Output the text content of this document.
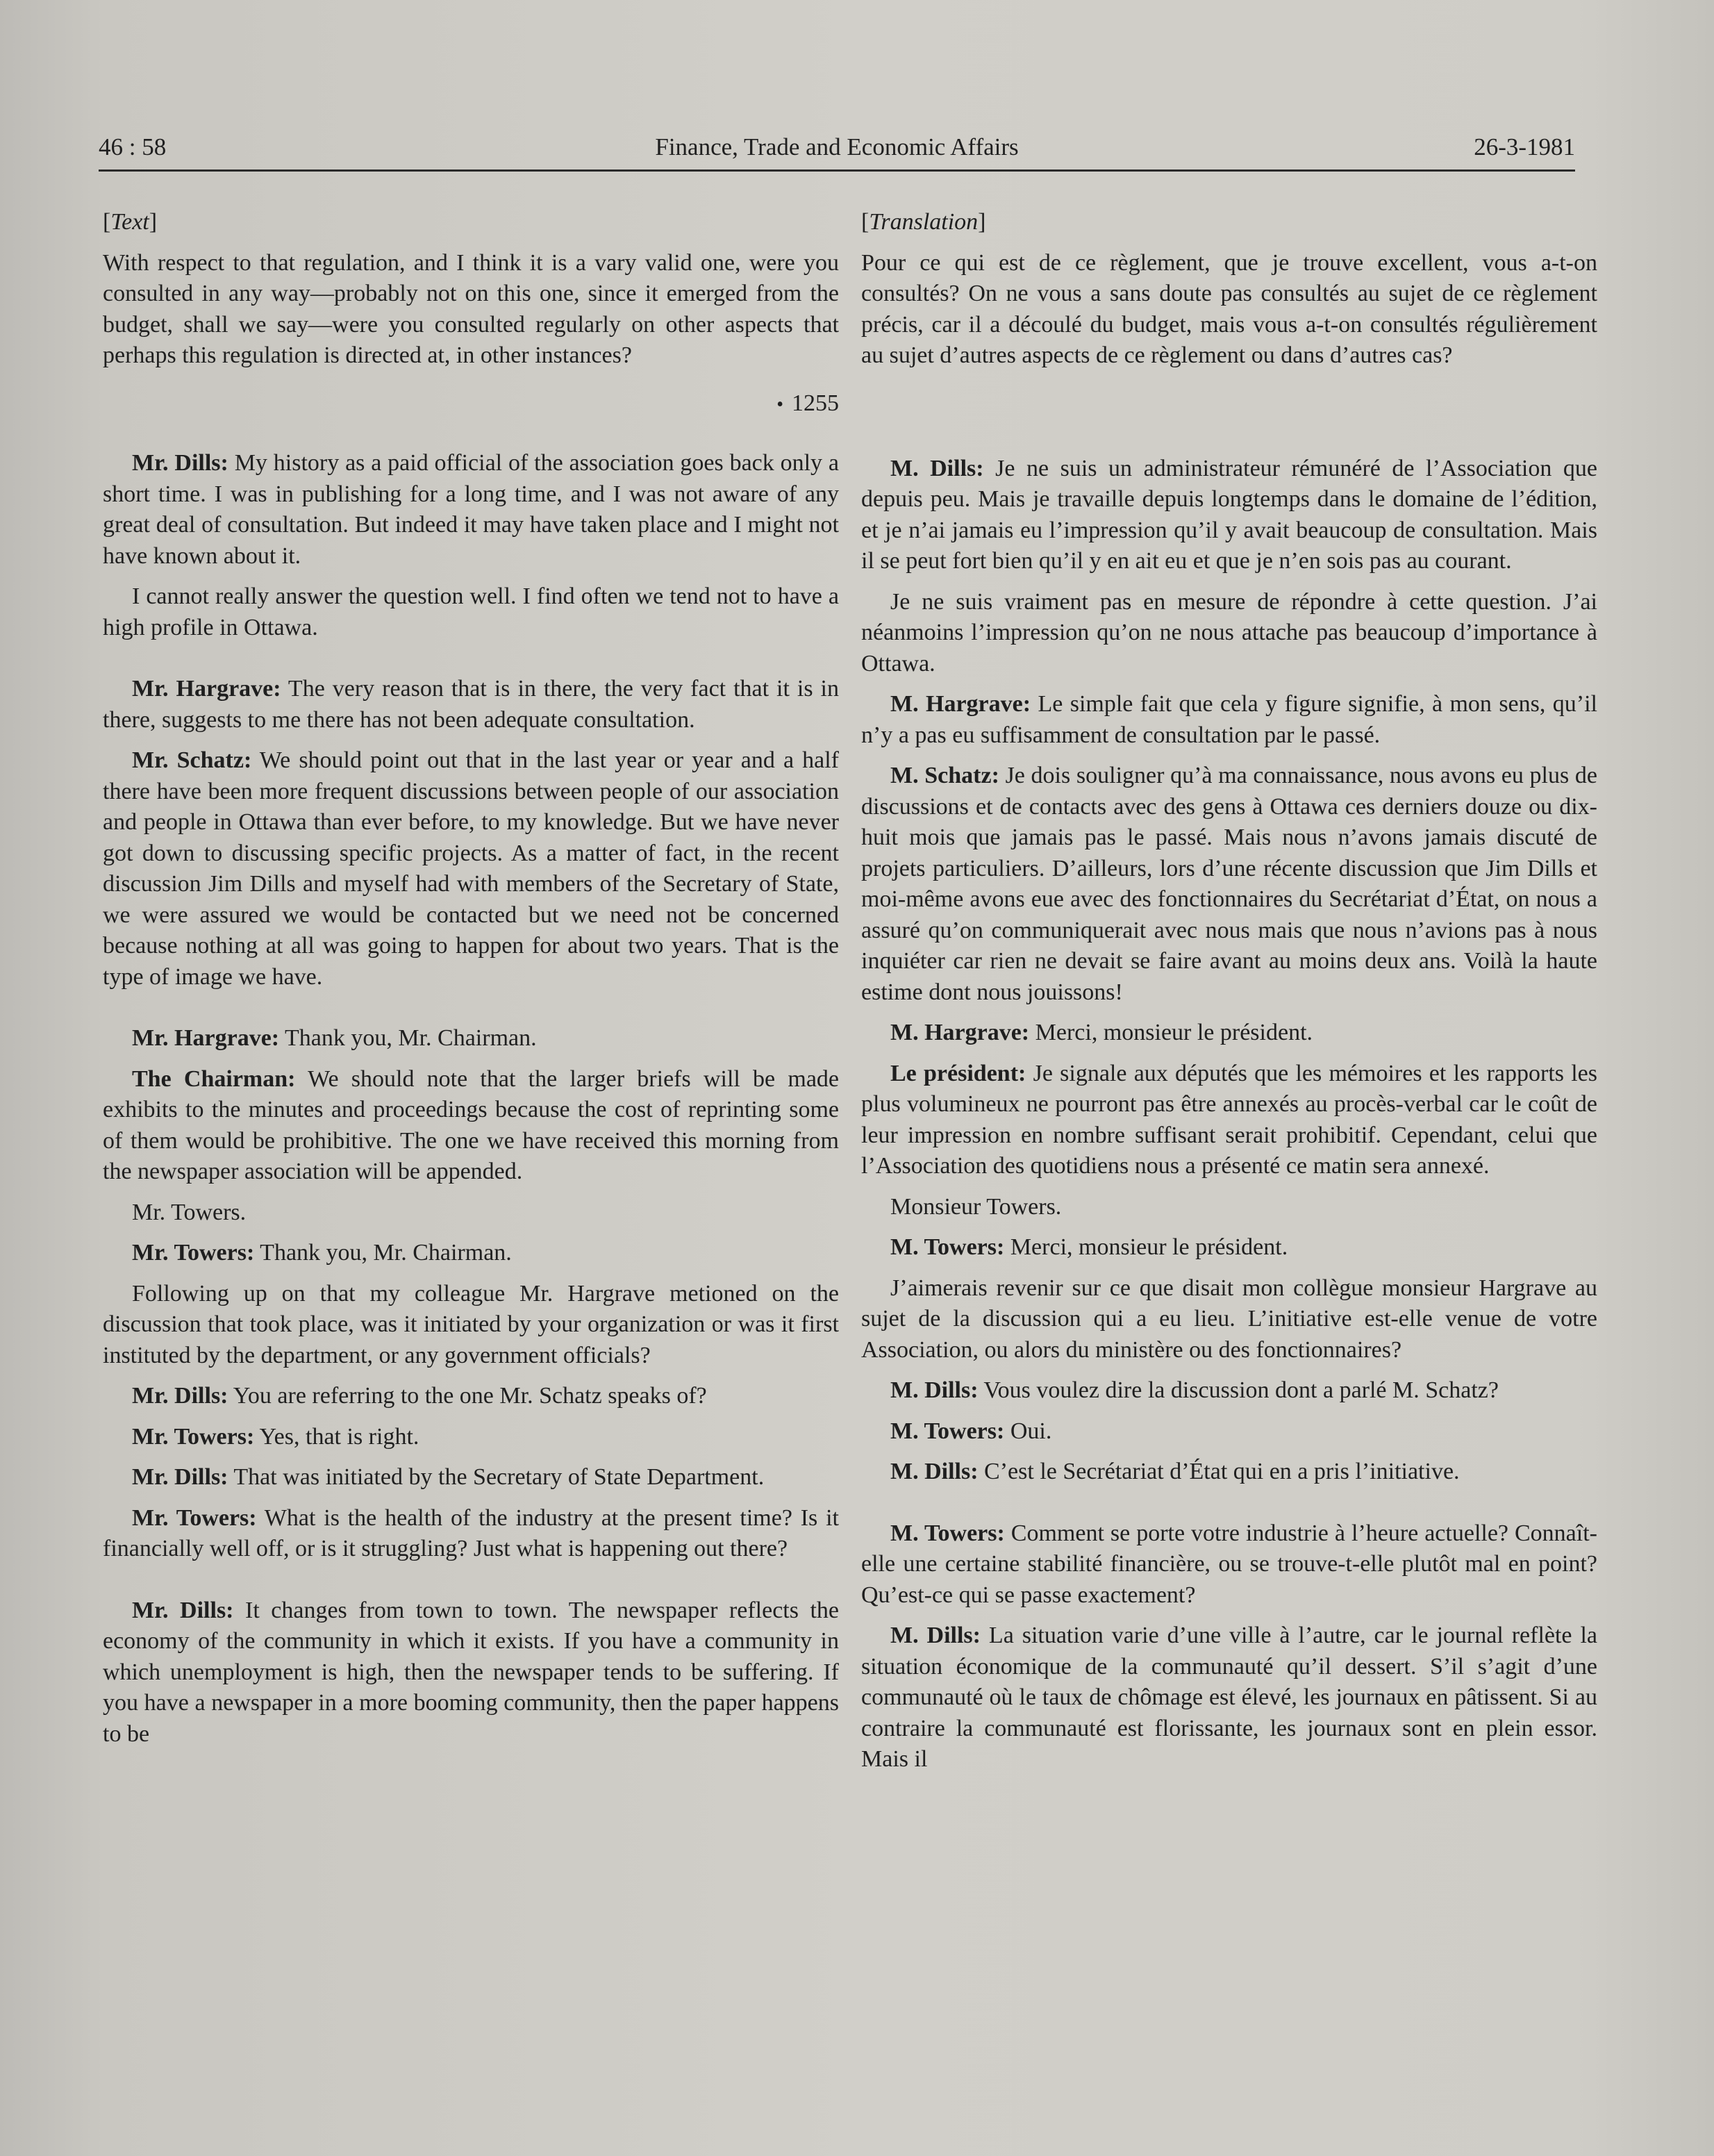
46 : 58	Finance, Trade and Economic Affairs	26-3-1981

[Text]

With respect to that regulation, and I think it is a vary valid one, were you consulted in any way—probably not on this one, since it emerged from the budget, shall we say—were you consulted regularly on other aspects that perhaps this regulation is directed at, in other instances?

• 1255

Mr. Dills: My history as a paid official of the association goes back only a short time. I was in publishing for a long time, and I was not aware of any great deal of consultation. But indeed it may have taken place and I might not have known about it.

I cannot really answer the question well. I find often we tend not to have a high profile in Ottawa.

Mr. Hargrave: The very reason that is in there, the very fact that it is in there, suggests to me there has not been adequate consultation.

Mr. Schatz: We should point out that in the last year or year and a half there have been more frequent discussions between people of our association and people in Ottawa than ever before, to my knowledge. But we have never got down to discussing specific projects. As a matter of fact, in the recent discussion Jim Dills and myself had with members of the Secretary of State, we were assured we would be contacted but we need not be concerned because nothing at all was going to happen for about two years. That is the type of image we have.

Mr. Hargrave: Thank you, Mr. Chairman.

The Chairman: We should note that the larger briefs will be made exhibits to the minutes and proceedings because the cost of reprinting some of them would be prohibitive. The one we have received this morning from the newspaper association will be appended.

Mr. Towers.

Mr. Towers: Thank you, Mr. Chairman.

Following up on that my colleague Mr. Hargrave metioned on the discussion that took place, was it initiated by your organization or was it first instituted by the department, or any government officials?

Mr. Dills: You are referring to the one Mr. Schatz speaks of?

Mr. Towers: Yes, that is right.

Mr. Dills: That was initiated by the Secretary of State Department.

Mr. Towers: What is the health of the industry at the present time? Is it financially well off, or is it struggling? Just what is happening out there?

Mr. Dills: It changes from town to town. The newspaper reflects the economy of the community in which it exists. If you have a community in which unemployment is high, then the newspaper tends to be suffering. If you have a newspaper in a more booming community, then the paper happens to be

[Translation]

Pour ce qui est de ce règlement, que je trouve excellent, vous a-t-on consultés? On ne vous a sans doute pas consultés au sujet de ce règlement précis, car il a découlé du budget, mais vous a-t-on consultés régulièrement au sujet d’autres aspects de ce règlement ou dans d’autres cas?

M. Dills: Je ne suis un administrateur rémunéré de l’Association que depuis peu. Mais je travaille depuis longtemps dans le domaine de l’édition, et je n’ai jamais eu l’impression qu’il y avait beaucoup de consultation. Mais il se peut fort bien qu’il y en ait eu et que je n’en sois pas au courant.

Je ne suis vraiment pas en mesure de répondre à cette question. J’ai néanmoins l’impression qu’on ne nous attache pas beaucoup d’importance à Ottawa.

M. Hargrave: Le simple fait que cela y figure signifie, à mon sens, qu’il n’y a pas eu suffisamment de consultation par le passé.

M. Schatz: Je dois souligner qu’à ma connaissance, nous avons eu plus de discussions et de contacts avec des gens à Ottawa ces derniers douze ou dix-huit mois que jamais pas le passé. Mais nous n’avons jamais discuté de projets particuliers. D’ailleurs, lors d’une récente discussion que Jim Dills et moi-même avons eue avec des fonctionnaires du Secrétariat d’État, on nous a assuré qu’on communiquerait avec nous mais que nous n’avions pas à nous inquiéter car rien ne devait se faire avant au moins deux ans. Voilà la haute estime dont nous jouissons!

M. Hargrave: Merci, monsieur le président.

Le président: Je signale aux députés que les mémoires et les rapports les plus volumineux ne pourront pas être annexés au procès-verbal car le coût de leur impression en nombre suffisant serait prohibitif. Cependant, celui que l’Association des quotidiens nous a présenté ce matin sera annexé.

Monsieur Towers.

M. Towers: Merci, monsieur le président.

J’aimerais revenir sur ce que disait mon collègue monsieur Hargrave au sujet de la discussion qui a eu lieu. L’initiative est-elle venue de votre Association, ou alors du ministère ou des fonctionnaires?

M. Dills: Vous voulez dire la discussion dont a parlé M. Schatz?

M. Towers: Oui.

M. Dills: C’est le Secrétariat d’État qui en a pris l’initiative.

M. Towers: Comment se porte votre industrie à l’heure actuelle? Connaît-elle une certaine stabilité financière, ou se trouve-t-elle plutôt mal en point? Qu’est-ce qui se passe exactement?

M. Dills: La situation varie d’une ville à l’autre, car le journal reflète la situation économique de la communauté qu’il dessert. S’il s’agit d’une communauté où le taux de chômage est élevé, les journaux en pâtissent. Si au contraire la communauté est florissante, les journaux sont en plein essor. Mais il
